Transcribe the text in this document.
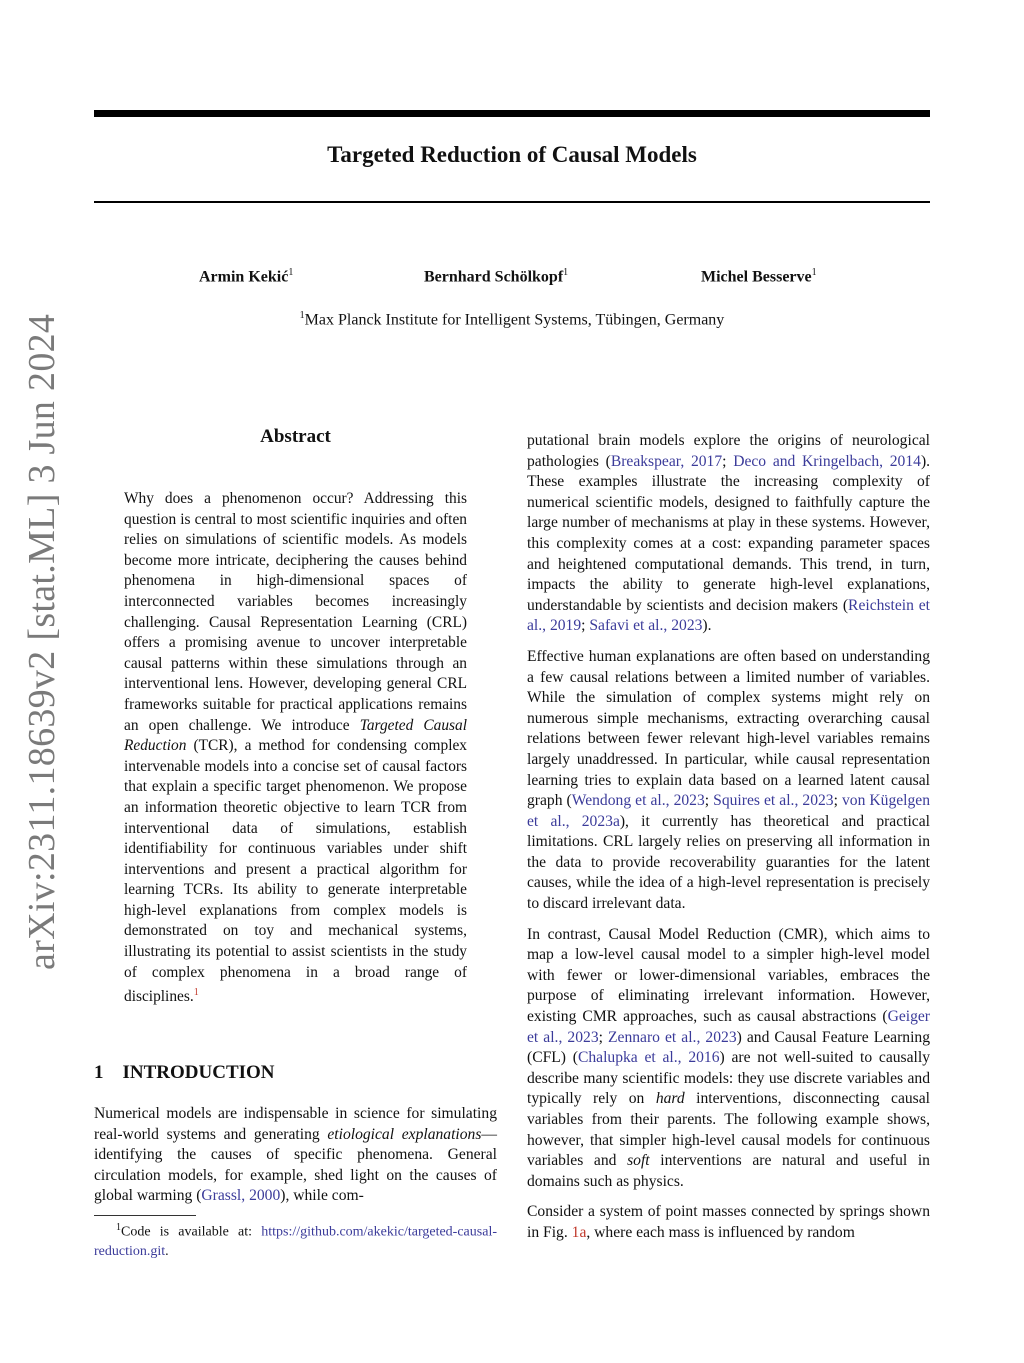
arXiv:2311.18639v2 [stat.ML] 3 Jun 2024
Targeted Reduction of Causal Models
Armin Kekić$^1$	Bernhard Schölkopf$^1$	Michel Besserve$^1$
$^1$Max Planck Institute for Intelligent Systems, Tübingen, Germany
Abstract
Why does a phenomenon occur? Addressing this question is central to most scientific inquiries and often relies on simulations of scientific models. As models become more intricate, deciphering the causes behind phenomena in high-dimensional spaces of interconnected variables becomes increasingly challenging. Causal Representation Learning (CRL) offers a promising avenue to uncover interpretable causal patterns within these simulations through an interventional lens. However, developing general CRL frameworks suitable for practical applications remains an open challenge. We introduce Targeted Causal Reduction (TCR), a method for condensing complex intervenable models into a concise set of causal factors that explain a specific target phenomenon. We propose an information theoretic objective to learn TCR from interventional data of simulations, establish identifiability for continuous variables under shift interventions and present a practical algorithm for learning TCRs. Its ability to generate interpretable high-level explanations from complex models is demonstrated on toy and mechanical systems, illustrating its potential to assist scientists in the study of complex phenomena in a broad range of disciplines.$^1$
1 INTRODUCTION
Numerical models are indispensable in science for simulating real-world systems and generating etiological explanations—identifying the causes of specific phenomena. General circulation models, for example, shed light on the causes of global warming (Grassl, 2000), while com-
$^1$Code is available at: https://github.com/akekic/targeted-causal-reduction.git.

putational brain models explore the origins of neurological pathologies (Breakspear, 2017; Deco and Kringelbach, 2014). These examples illustrate the increasing complexity of numerical scientific models, designed to faithfully capture the large number of mechanisms at play in these systems. However, this complexity comes at a cost: expanding parameter spaces and heightened computational demands. This trend, in turn, impacts the ability to generate high-level explanations, understandable by scientists and decision makers (Reichstein et al., 2019; Safavi et al., 2023).

Effective human explanations are often based on understanding a few causal relations between a limited number of variables. While the simulation of complex systems might rely on numerous simple mechanisms, extracting overarching causal relations between fewer relevant high-level variables remains largely unaddressed. In particular, while causal representation learning tries to explain data based on a learned latent causal graph (Wendong et al., 2023; Squires et al., 2023; von Kügelgen et al., 2023a), it currently has theoretical and practical limitations. CRL largely relies on preserving all information in the data to provide recoverability guaranties for the latent causes, while the idea of a high-level representation is precisely to discard irrelevant data.

In contrast, Causal Model Reduction (CMR), which aims to map a low-level causal model to a simpler high-level model with fewer or lower-dimensional variables, embraces the purpose of eliminating irrelevant information. However, existing CMR approaches, such as causal abstractions (Geiger et al., 2023; Zennaro et al., 2023) and Causal Feature Learning (CFL) (Chalupka et al., 2016) are not well-suited to causally describe many scientific models: they use discrete variables and typically rely on hard interventions, disconnecting causal variables from their parents. The following example shows, however, that simpler high-level causal models for continuous variables and soft interventions are natural and useful in domains such as physics.

Consider a system of point masses connected by springs shown in Fig. 1a, where each mass is influenced by random
